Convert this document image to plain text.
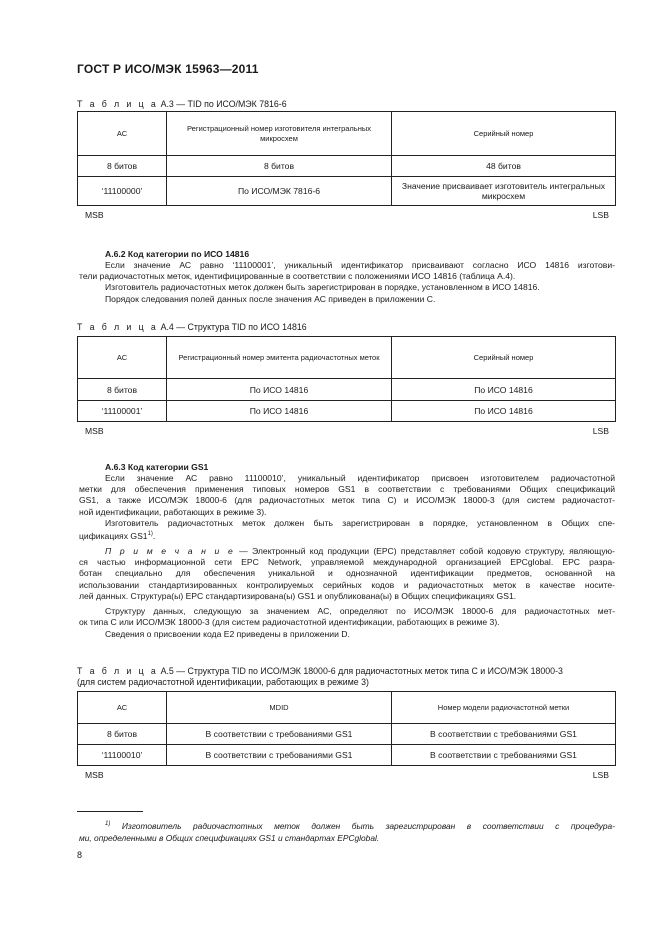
ГОСТ Р ИСО/МЭК 15963—2011
Т а б л и ц а А.3 — TID по ИСО/МЭК 7816-6
АС	Регистрационный номер изготовителя интегральных микросхем	Серийный номер
8 битов	8 битов	48 битов
‘11100000’	По ИСО/МЭК 7816-6	Значение присваивает изготовитель интегральных микросхем
MSB	LSB
А.6.2 Код категории по ИСО 14816
Если значение АС равно ‘11100001’, уникальный идентификатор присваивают согласно ИСО 14816 изготови-
тели радиочастотных меток, идентифицированные в соответствии с положениями ИСО 14816 (таблица А.4).
Изготовитель радиочастотных меток должен быть зарегистрирован в порядке, установленном в ИСО 14816.
Порядок следования полей данных после значения АС приведен в приложении С.
Т а б л и ц а А.4 — Структура TID по ИСО 14816
АС	Регистрационный номер эмитента радиочастотных меток	Серийный номер
8 битов	По ИСО 14816	По ИСО 14816
‘11100001’	По ИСО 14816	По ИСО 14816
MSB	LSB
А.6.3 Код категории GS1
Если значение АС равно 11100010’, уникальный идентификатор присвоен изготовителем радиочастотной
метки для обеспечения применения типовых номеров GS1 в соответствии с требованиями Общих спецификаций
GS1, а также ИСО/МЭК 18000-6 (для радиочастотных меток типа С) и ИСО/МЭК 18000-3 (для систем радиочастот-
ной идентификации, работающих в режиме 3).
Изготовитель радиочастотных меток должен быть зарегистрирован в порядке, установленном в Общих спе-
цификациях GS1$^{1)}$.
П р и м е ч а н и е — Электронный код продукции (ЕРС) представляет собой кодовую структуру, являющую-
ся частью информационной сети EPC Network, управляемой международной организацией EPCglobal. ЕРС разра-
ботан специально для обеспечения уникальной и однозначной идентификации предметов, основанной на
использовании стандартизированных контролируемых серийных кодов и радиочастотных меток в качестве носите-
лей данных. Структура(ы) ЕРС стандартизирована(ы) GS1 и опубликована(ы) в Общих спецификациях GS1.
Структуру данных, следующую за значением АС, определяют по ИСО/МЭК 18000-6 для радиочастотных мет-
ок типа С или ИСО/МЭК 18000-3 (для систем радиочастотной идентификации, работающих в режиме 3).
Сведения о присвоении кода Е2 приведены в приложении D.
Т а б л и ц а А.5 — Структура TID по ИСО/МЭК 18000-6 для радиочастотных меток типа С и ИСО/МЭК 18000-3
(для систем радиочастотной идентификации, работающих в режиме 3)
АС	MDID	Номер модели радиочастотной метки
8 битов	В соответствии с требованиями GS1	В соответствии с требованиями GS1
‘11100010’	В соответствии с требованиями GS1	В соответствии с требованиями GS1
MSB	LSB
$^{1)}$ Изготовитель радиочастотных меток должен быть зарегистрирован в соответствии с процедура-
ми, определенными в Общих спецификациях GS1 и стандартах EPCglobal.
8
